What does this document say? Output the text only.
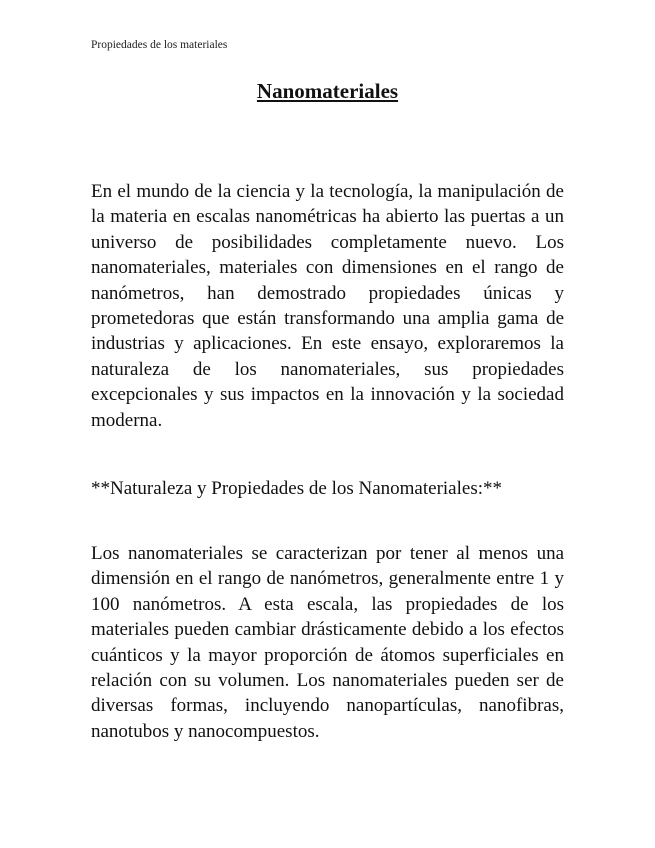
Propiedades de los materiales
Nanomateriales

En el mundo de la ciencia y la tecnología, la manipulación de la materia en escalas nanométricas ha abierto las puertas a un universo de posibilidades completamente nuevo. Los nanomateriales, materiales con dimensiones en el rango de nanómetros, han demostrado propiedades únicas y prometedoras que están transformando una amplia gama de industrias y aplicaciones. En este ensayo, exploraremos la naturaleza de los nanomateriales, sus propiedades excepcionales y sus impactos en la innovación y la sociedad moderna.

**Naturaleza y Propiedades de los Nanomateriales:**

Los nanomateriales se caracterizan por tener al menos una dimensión en el rango de nanómetros, generalmente entre 1 y 100 nanómetros. A esta escala, las propiedades de los materiales pueden cambiar drásticamente debido a los efectos cuánticos y la mayor proporción de átomos superficiales en relación con su volumen. Los nanomateriales pueden ser de diversas formas, incluyendo nanopartículas, nanofibras, nanotubos y nanocompuestos.
